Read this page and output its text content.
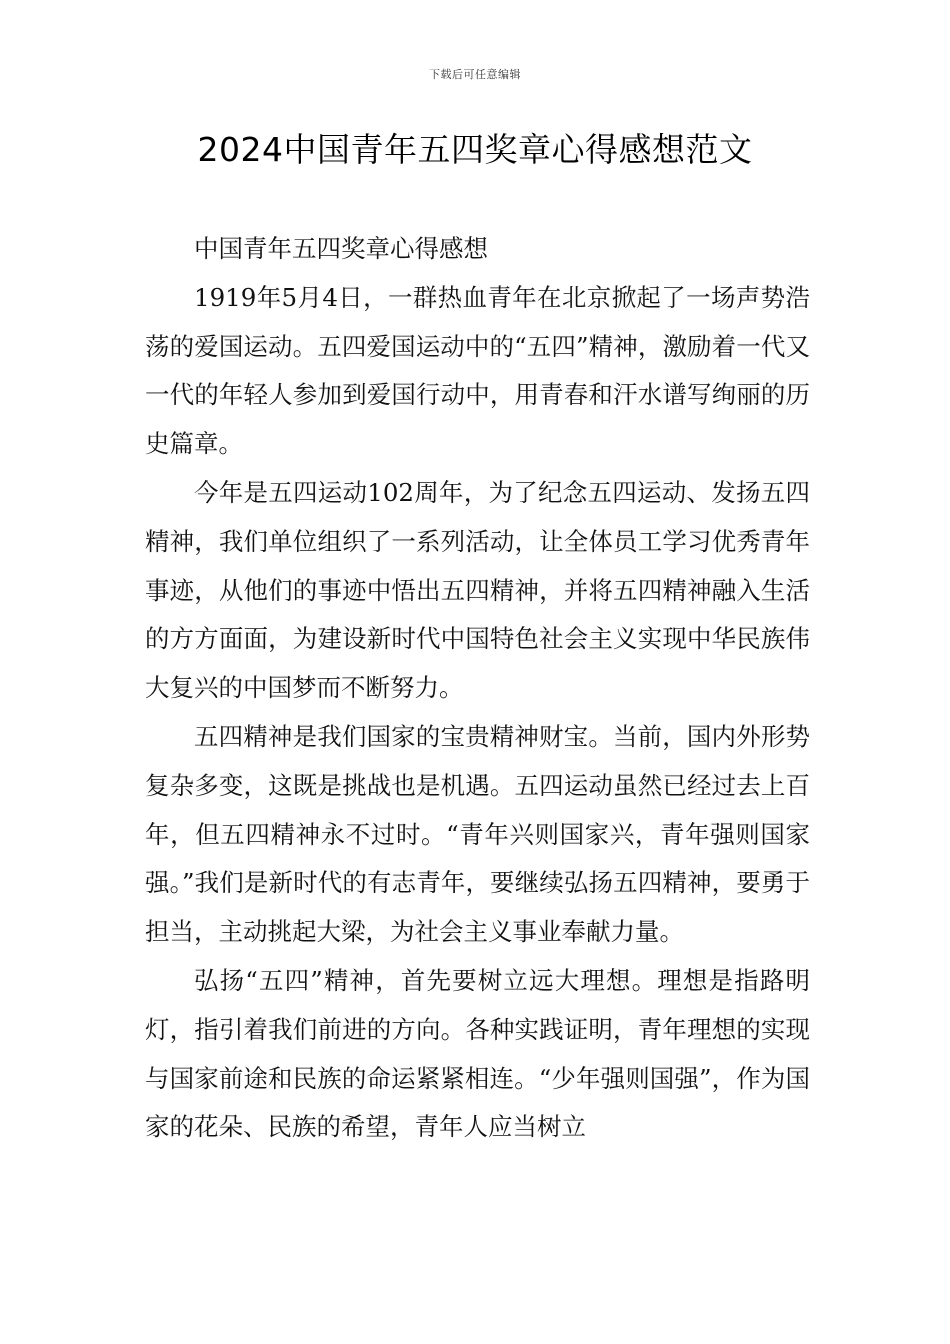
下载后可任意编辑
2024中国青年五四奖章心得感想范文

中国青年五四奖章心得感想

1919年5月4日，一群热血青年在北京掀起了一场声势浩荡的爱国运动。五四爱国运动中的“五四”精神，激励着一代又一代的年轻人参加到爱国行动中，用青春和汗水谱写绚丽的历史篇章。

今年是五四运动102周年，为了纪念五四运动、发扬五四精神，我们单位组织了一系列活动，让全体员工学习优秀青年事迹，从他们的事迹中悟出五四精神，并将五四精神融入生活的方方面面，为建设新时代中国特色社会主义实现中华民族伟大复兴的中国梦而不断努力。

五四精神是我们国家的宝贵精神财宝。当前，国内外形势复杂多变，这既是挑战也是机遇。五四运动虽然已经过去上百年，但五四精神永不过时。“青年兴则国家兴，青年强则国家强。”我们是新时代的有志青年，要继续弘扬五四精神，要勇于担当，主动挑起大梁，为社会主义事业奉献力量。

弘扬“五四”精神，首先要树立远大理想。理想是指路明灯，指引着我们前进的方向。各种实践证明，青年理想的实现与国家前途和民族的命运紧紧相连。“少年强则国强”，作为国家的花朵、民族的希望，青年人应当树立
